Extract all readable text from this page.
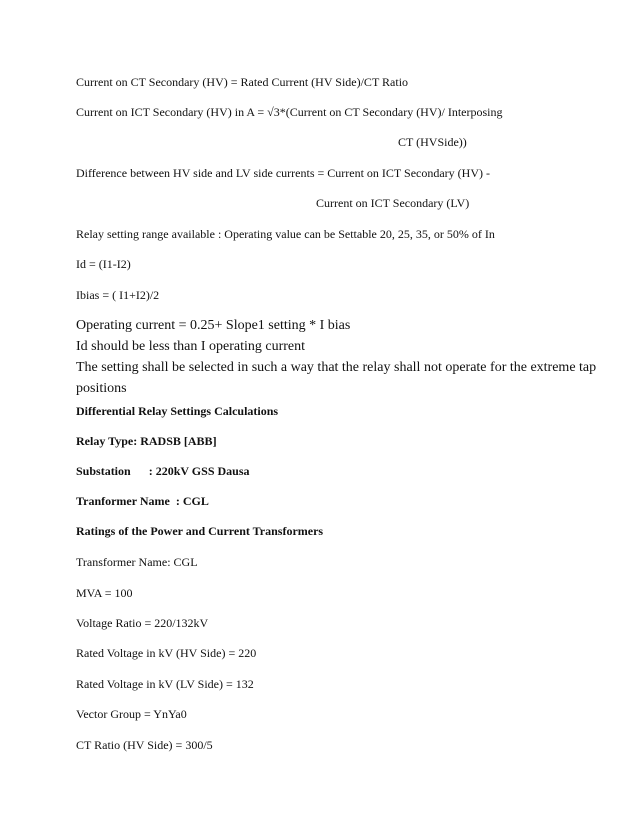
Current on CT Secondary (HV) = Rated Current (HV Side)/CT Ratio
Current on ICT Secondary (HV) in A = √3*(Current on CT Secondary (HV)/ Interposing
CT (HVSide))
Difference between HV side and LV side currents = Current on ICT Secondary (HV) -
Current on ICT Secondary (LV)
Relay setting range available : Operating value can be Settable 20, 25, 35, or 50% of In
Id = (I1-I2)
Ibias = ( I1+I2)/2
Operating current = 0.25+ Slope1 setting * I bias
Id should be less than I operating current
The setting shall be selected in such a way that the relay shall not operate for the extreme tap
positions
Differential Relay Settings Calculations
Relay Type: RADSB [ABB]
Substation      : 220kV GSS Dausa
Tranformer Name  : CGL
Ratings of the Power and Current Transformers
Transformer Name: CGL
MVA = 100
Voltage Ratio = 220/132kV
Rated Voltage in kV (HV Side) = 220
Rated Voltage in kV (LV Side) = 132
Vector Group = YnYa0
CT Ratio (HV Side) = 300/5
